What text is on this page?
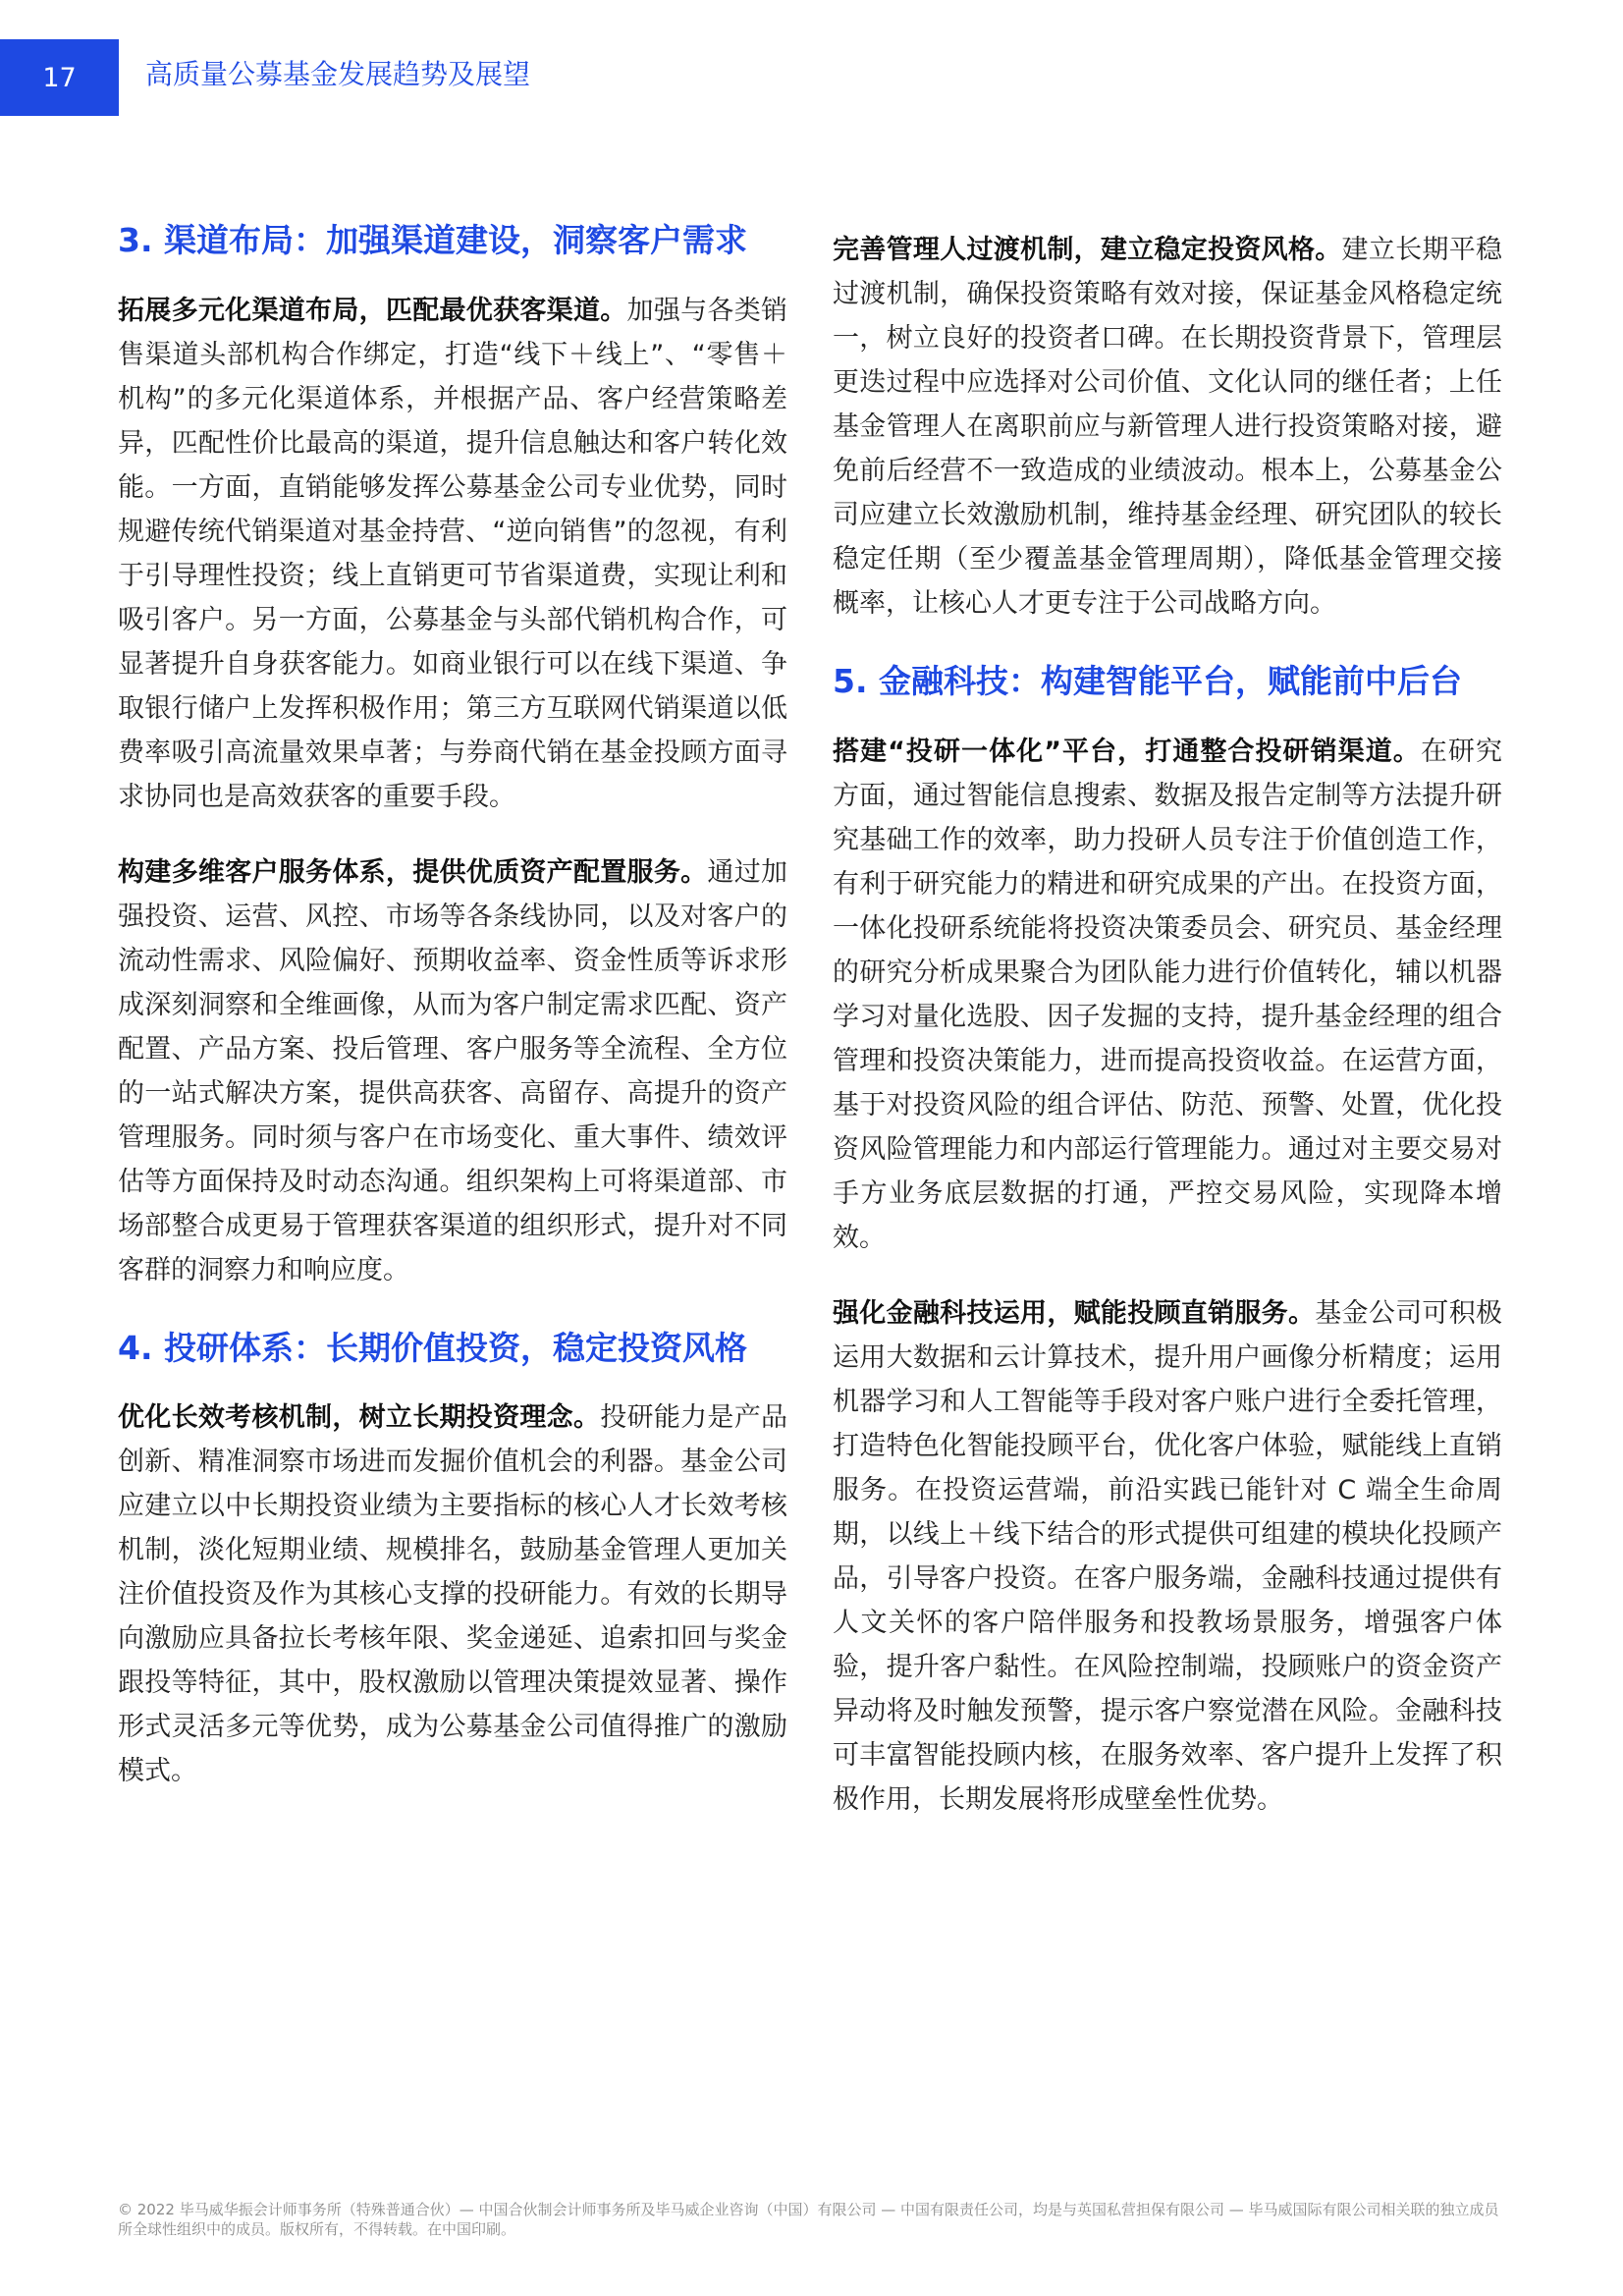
17	高质量公募基金发展趋势及展望
3. 渠道布局：加强渠道建设，洞察客户需求

拓展多元化渠道布局，匹配最优获客渠道。加强与各类销售渠道头部机构合作绑定，打造“线下＋线上”、“零售＋机构”的多元化渠道体系，并根据产品、客户经营策略差异，匹配性价比最高的渠道，提升信息触达和客户转化效能。一方面，直销能够发挥公募基金公司专业优势，同时规避传统代销渠道对基金持营、“逆向销售”的忽视，有利于引导理性投资；线上直销更可节省渠道费，实现让利和吸引客户。另一方面，公募基金与头部代销机构合作，可显著提升自身获客能力。如商业银行可以在线下渠道、争取银行储户上发挥积极作用；第三方互联网代销渠道以低费率吸引高流量效果卓著；与券商代销在基金投顾方面寻求协同也是高效获客的重要手段。

构建多维客户服务体系，提供优质资产配置服务。通过加强投资、运营、风控、市场等各条线协同，以及对客户的流动性需求、风险偏好、预期收益率、资金性质等诉求形成深刻洞察和全维画像，从而为客户制定需求匹配、资产配置、产品方案、投后管理、客户服务等全流程、全方位的一站式解决方案，提供高获客、高留存、高提升的资产管理服务。同时须与客户在市场变化、重大事件、绩效评估等方面保持及时动态沟通。组织架构上可将渠道部、市场部整合成更易于管理获客渠道的组织形式，提升对不同客群的洞察力和响应度。

4. 投研体系：长期价值投资，稳定投资风格

优化长效考核机制，树立长期投资理念。投研能力是产品创新、精准洞察市场进而发掘价值机会的利器。基金公司应建立以中长期投资业绩为主要指标的核心人才长效考核机制，淡化短期业绩、规模排名，鼓励基金管理人更加关注价值投资及作为其核心支撑的投研能力。有效的长期导向激励应具备拉长考核年限、奖金递延、追索扣回与奖金跟投等特征，其中，股权激励以管理决策提效显著、操作形式灵活多元等优势，成为公募基金公司值得推广的激励模式。

完善管理人过渡机制，建立稳定投资风格。建立长期平稳过渡机制，确保投资策略有效对接，保证基金风格稳定统一，树立良好的投资者口碑。在长期投资背景下，管理层更迭过程中应选择对公司价值、文化认同的继任者；上任基金管理人在离职前应与新管理人进行投资策略对接，避免前后经营不一致造成的业绩波动。根本上，公募基金公司应建立长效激励机制，维持基金经理、研究团队的较长稳定任期（至少覆盖基金管理周期），降低基金管理交接概率，让核心人才更专注于公司战略方向。

5. 金融科技：构建智能平台，赋能前中后台

搭建“投研一体化”平台，打通整合投研销渠道。在研究方面，通过智能信息搜索、数据及报告定制等方法提升研究基础工作的效率，助力投研人员专注于价值创造工作，有利于研究能力的精进和研究成果的产出。在投资方面，一体化投研系统能将投资决策委员会、研究员、基金经理的研究分析成果聚合为团队能力进行价值转化，辅以机器学习对量化选股、因子发掘的支持，提升基金经理的组合管理和投资决策能力，进而提高投资收益。在运营方面，基于对投资风险的组合评估、防范、预警、处置，优化投资风险管理能力和内部运行管理能力。通过对主要交易对手方业务底层数据的打通，严控交易风险，实现降本增效。

强化金融科技运用，赋能投顾直销服务。基金公司可积极运用大数据和云计算技术，提升用户画像分析精度；运用机器学习和人工智能等手段对客户账户进行全委托管理，打造特色化智能投顾平台，优化客户体验，赋能线上直销服务。在投资运营端，前沿实践已能针对 C 端全生命周期，以线上＋线下结合的形式提供可组建的模块化投顾产品，引导客户投资。在客户服务端，金融科技通过提供有人文关怀的客户陪伴服务和投教场景服务，增强客户体验，提升客户黏性。在风险控制端，投顾账户的资金资产异动将及时触发预警，提示客户察觉潜在风险。金融科技可丰富智能投顾内核，在服务效率、客户提升上发挥了积极作用，长期发展将形成壁垒性优势。

© 2022 毕马威华振会计师事务所（特殊普通合伙）— 中国合伙制会计师事务所及毕马威企业咨询（中国）有限公司 — 中国有限责任公司，均是与英国私营担保有限公司 — 毕马威国际有限公司相关联的独立成员所全球性组织中的成员。版权所有，不得转载。在中国印刷。
